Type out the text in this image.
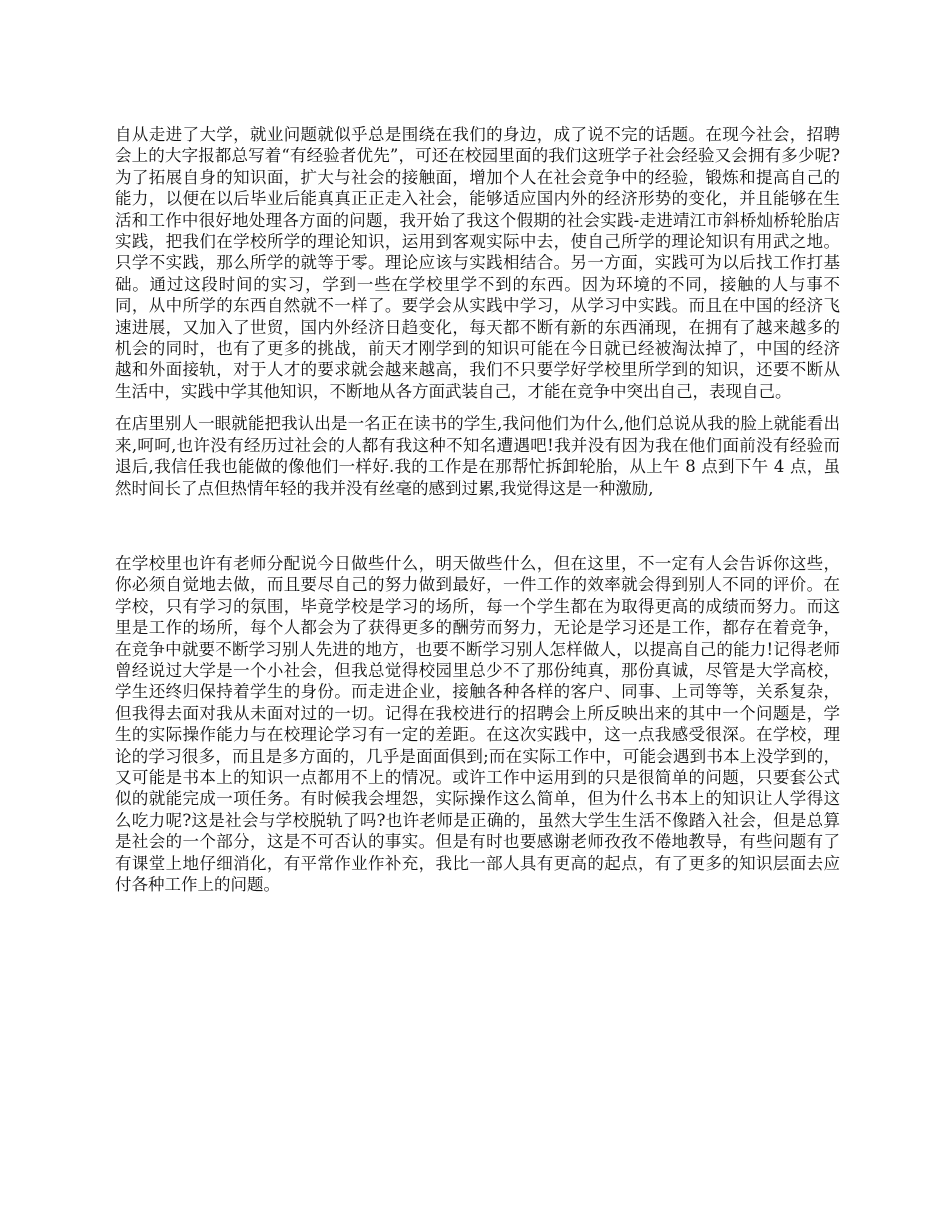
自从走进了大学，就业问题就似乎总是围绕在我们的身边，成了说不完的话题。在现今社会，招聘会上的大字报都总写着“有经验者优先”，可还在校园里面的我们这班学子社会经验又会拥有多少呢?为了拓展自身的知识面，扩大与社会的接触面，增加个人在社会竞争中的经验，锻炼和提高自己的能力，以便在以后毕业后能真真正正走入社会，能够适应国内外的经济形势的变化，并且能够在生活和工作中很好地处理各方面的问题，我开始了我这个假期的社会实践-走进靖江市斜桥灿桥轮胎店实践，把我们在学校所学的理论知识，运用到客观实际中去，使自己所学的理论知识有用武之地。只学不实践，那么所学的就等于零。理论应该与实践相结合。另一方面，实践可为以后找工作打基础。通过这段时间的实习，学到一些在学校里学不到的东西。因为环境的不同，接触的人与事不同，从中所学的东西自然就不一样了。要学会从实践中学习，从学习中实践。而且在中国的经济飞速进展，又加入了世贸，国内外经济日趋变化，每天都不断有新的东西涌现，在拥有了越来越多的机会的同时，也有了更多的挑战，前天才刚学到的知识可能在今日就已经被淘汰掉了，中国的经济越和外面接轨，对于人才的要求就会越来越高，我们不只要学好学校里所学到的知识，还要不断从生活中，实践中学其他知识，不断地从各方面武装自己，才能在竞争中突出自己，表现自己。

在店里别人一眼就能把我认出是一名正在读书的学生,我问他们为什么,他们总说从我的脸上就能看出来,呵呵,也许没有经历过社会的人都有我这种不知名遭遇吧!我并没有因为我在他们面前没有经验而退后,我信任我也能做的像他们一样好.我的工作是在那帮忙拆卸轮胎，从上午 8 点到下午 4 点，虽然时间长了点但热情年轻的我并没有丝毫的感到过累,我觉得这是一种激励,

在学校里也许有老师分配说今日做些什么，明天做些什么，但在这里，不一定有人会告诉你这些，你必须自觉地去做，而且要尽自己的努力做到最好，一件工作的效率就会得到别人不同的评价。在学校，只有学习的氛围，毕竟学校是学习的场所，每一个学生都在为取得更高的成绩而努力。而这里是工作的场所，每个人都会为了获得更多的酬劳而努力，无论是学习还是工作，都存在着竞争，在竞争中就要不断学习别人先进的地方，也要不断学习别人怎样做人，以提高自己的能力!记得老师曾经说过大学是一个小社会，但我总觉得校园里总少不了那份纯真，那份真诚，尽管是大学高校，学生还终归保持着学生的身份。而走进企业，接触各种各样的客户、同事、上司等等，关系复杂，但我得去面对我从未面对过的一切。记得在我校进行的招聘会上所反映出来的其中一个问题是，学生的实际操作能力与在校理论学习有一定的差距。在这次实践中，这一点我感受很深。在学校，理论的学习很多，而且是多方面的，几乎是面面俱到;而在实际工作中，可能会遇到书本上没学到的，又可能是书本上的知识一点都用不上的情况。或许工作中运用到的只是很简单的问题，只要套公式似的就能完成一项任务。有时候我会埋怨，实际操作这么简单，但为什么书本上的知识让人学得这么吃力呢?这是社会与学校脱轨了吗?也许老师是正确的，虽然大学生生活不像踏入社会，但是总算是社会的一个部分，这是不可否认的事实。但是有时也要感谢老师孜孜不倦地教导，有些问题有了有课堂上地仔细消化，有平常作业作补充，我比一部人具有更高的起点，有了更多的知识层面去应付各种工作上的问题。
